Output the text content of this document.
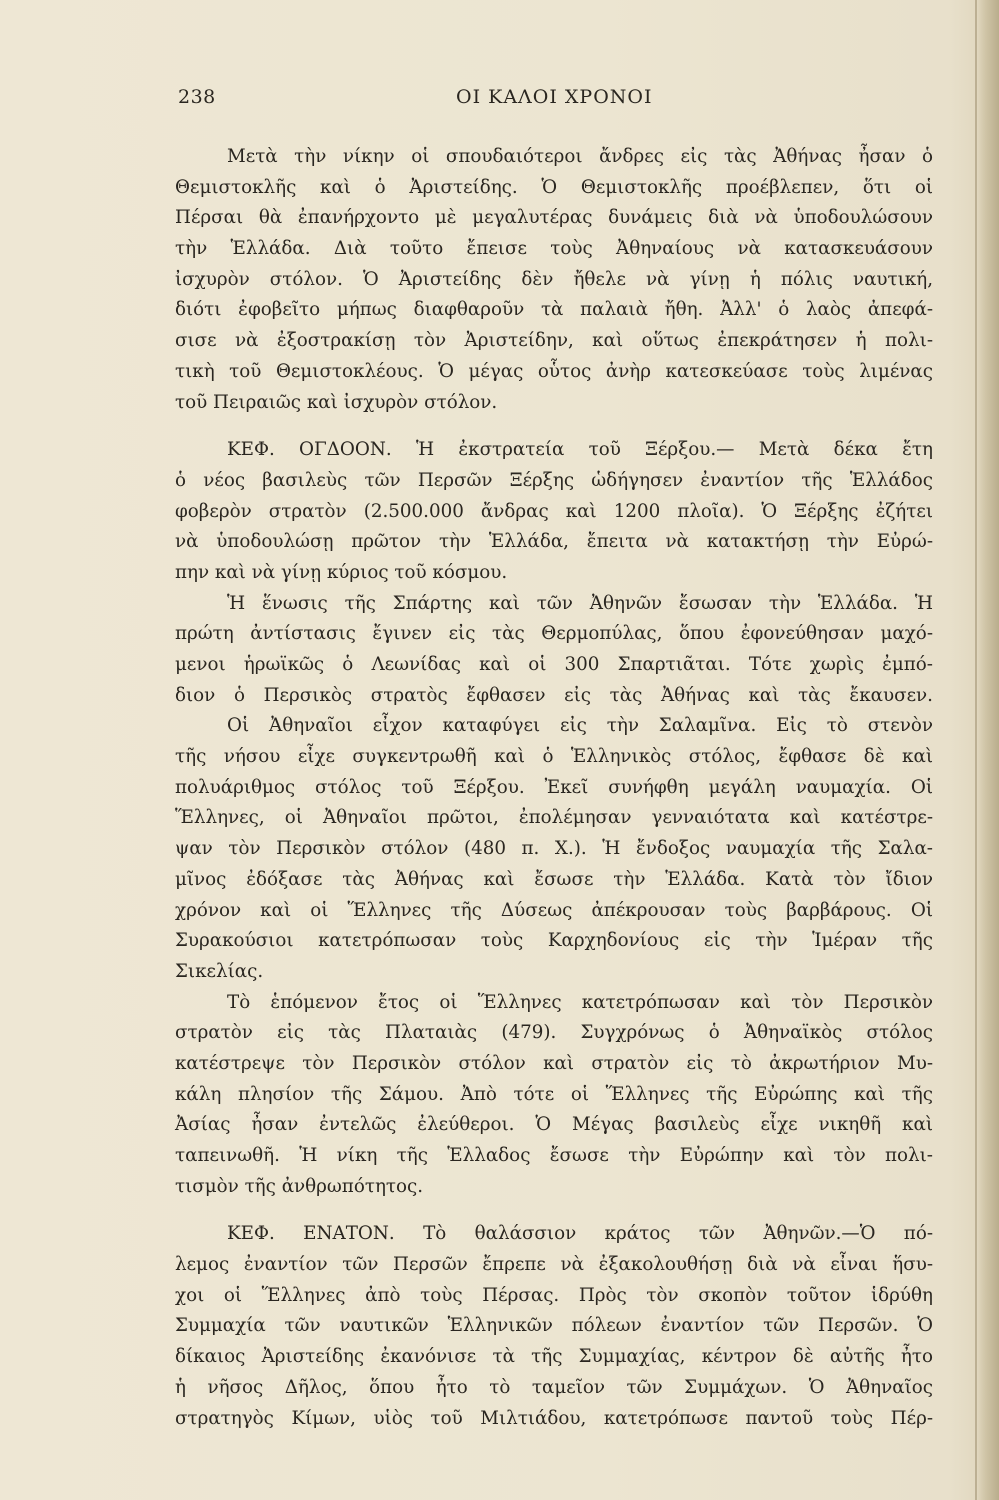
238	ΟΙ ΚΑΛΟΙ ΧΡΟΝΟΙ

Μετὰ τὴν νίκην οἱ σπουδαιότεροι ἄνδρες εἰς τὰς Ἀθήνας ἦσαν ὁ
Θεμιστοκλῆς καὶ ὁ Ἀριστείδης. Ὁ Θεμιστοκλῆς προέβλεπεν, ὅτι οἱ
Πέρσαι θὰ ἐπανήρχοντο μὲ μεγαλυτέρας δυνάμεις διὰ νὰ ὑποδουλώσουν
τὴν Ἑλλάδα. Διὰ τοῦτο ἔπεισε τοὺς Ἀθηναίους νὰ κατασκευάσουν
ἰσχυρὸν στόλον. Ὁ Ἀριστείδης δὲν ἤθελε νὰ γίνῃ ἡ πόλις ναυτική,
διότι ἐφοβεῖτο μήπως διαφθαροῦν τὰ παλαιὰ ἤθη. Ἀλλ' ὁ λαὸς ἀπεφά-
σισε νὰ ἐξοστρακίσῃ τὸν Ἀριστείδην, καὶ οὕτως ἐπεκράτησεν ἡ πολι-
τικὴ τοῦ Θεμιστοκλέους. Ὁ μέγας οὗτος ἀνὴρ κατεσκεύασε τοὺς λιμένας
τοῦ Πειραιῶς καὶ ἰσχυρὸν στόλον.

ΚΕΦ. ΟΓΔΟΟΝ. Ἡ ἐκστρατεία τοῦ Ξέρξου.— Μετὰ δέκα ἔτη
ὁ νέος βασιλεὺς τῶν Περσῶν Ξέρξης ὡδήγησεν ἐναντίον τῆς Ἑλλάδος
φοβερὸν στρατὸν (2.500.000 ἄνδρας καὶ 1200 πλοῖα). Ὁ Ξέρξης ἐζήτει
νὰ ὑποδουλώσῃ πρῶτον τὴν Ἑλλάδα, ἔπειτα νὰ κατακτήσῃ τὴν Εὐρώ-
πην καὶ νὰ γίνῃ κύριος τοῦ κόσμου.
Ἡ ἕνωσις τῆς Σπάρτης καὶ τῶν Ἀθηνῶν ἔσωσαν τὴν Ἑλλάδα. Ἡ
πρώτη ἀντίστασις ἔγινεν εἰς τὰς Θερμοπύλας, ὅπου ἐφονεύθησαν μαχό-
μενοι ἡρωϊκῶς ὁ Λεωνίδας καὶ οἱ 300 Σπαρτιᾶται. Τότε χωρὶς ἐμπό-
διον ὁ Περσικὸς στρατὸς ἔφθασεν εἰς τὰς Ἀθήνας καὶ τὰς ἔκαυσεν.
Οἱ Ἀθηναῖοι εἶχον καταφύγει εἰς τὴν Σαλαμῖνα. Εἰς τὸ στενὸν
τῆς νήσου εἶχε συγκεντρωθῆ καὶ ὁ Ἑλληνικὸς στόλος, ἔφθασε δὲ καὶ
πολυάριθμος στόλος τοῦ Ξέρξου. Ἐκεῖ συνήφθη μεγάλη ναυμαχία. Οἱ
Ἕλληνες, οἱ Ἀθηναῖοι πρῶτοι, ἐπολέμησαν γενναιότατα καὶ κατέστρε-
ψαν τὸν Περσικὸν στόλον (480 π. Χ.). Ἡ ἔνδοξος ναυμαχία τῆς Σαλα-
μῖνος ἐδόξασε τὰς Ἀθήνας καὶ ἔσωσε τὴν Ἑλλάδα. Κατὰ τὸν ἴδιον
χρόνον καὶ οἱ Ἕλληνες τῆς Δύσεως ἀπέκρουσαν τοὺς βαρβάρους. Οἱ
Συρακούσιοι κατετρόπωσαν τοὺς Καρχηδονίους εἰς τὴν Ἱμέραν τῆς
Σικελίας.
Τὸ ἑπόμενον ἔτος οἱ Ἕλληνες κατετρόπωσαν καὶ τὸν Περσικὸν
στρατὸν εἰς τὰς Πλαταιὰς (479). Συγχρόνως ὁ Ἀθηναϊκὸς στόλος
κατέστρεψε τὸν Περσικὸν στόλον καὶ στρατὸν εἰς τὸ ἀκρωτήριον Μυ-
κάλη πλησίον τῆς Σάμου. Ἀπὸ τότε οἱ Ἕλληνες τῆς Εὐρώπης καὶ τῆς
Ἀσίας ἦσαν ἐντελῶς ἐλεύθεροι. Ὁ Μέγας βασιλεὺς εἶχε νικηθῆ καὶ
ταπεινωθῆ. Ἡ νίκη τῆς Ἑλλαδος ἔσωσε τὴν Εὐρώπην καὶ τὸν πολι-
τισμὸν τῆς ἀνθρωπότητος.

ΚΕΦ. ΕΝΑΤΟΝ. Τὸ θαλάσσιον κράτος τῶν Ἀθηνῶν.—Ὁ πό-
λεμος ἐναντίον τῶν Περσῶν ἔπρεπε νὰ ἐξακολουθήσῃ διὰ νὰ εἶναι ἥσυ-
χοι οἱ Ἕλληνες ἀπὸ τοὺς Πέρσας. Πρὸς τὸν σκοπὸν τοῦτον ἱδρύθη
Συμμαχία τῶν ναυτικῶν Ἑλληνικῶν πόλεων ἐναντίον τῶν Περσῶν. Ὁ
δίκαιος Ἀριστείδης ἐκανόνισε τὰ τῆς Συμμαχίας, κέντρον δὲ αὐτῆς ἦτο
ἡ νῆσος Δῆλος, ὅπου ἦτο τὸ ταμεῖον τῶν Συμμάχων. Ὁ Ἀθηναῖος
στρατηγὸς Κίμων, υἱὸς τοῦ Μιλτιάδου, κατετρόπωσε παντοῦ τοὺς Πέρ-
